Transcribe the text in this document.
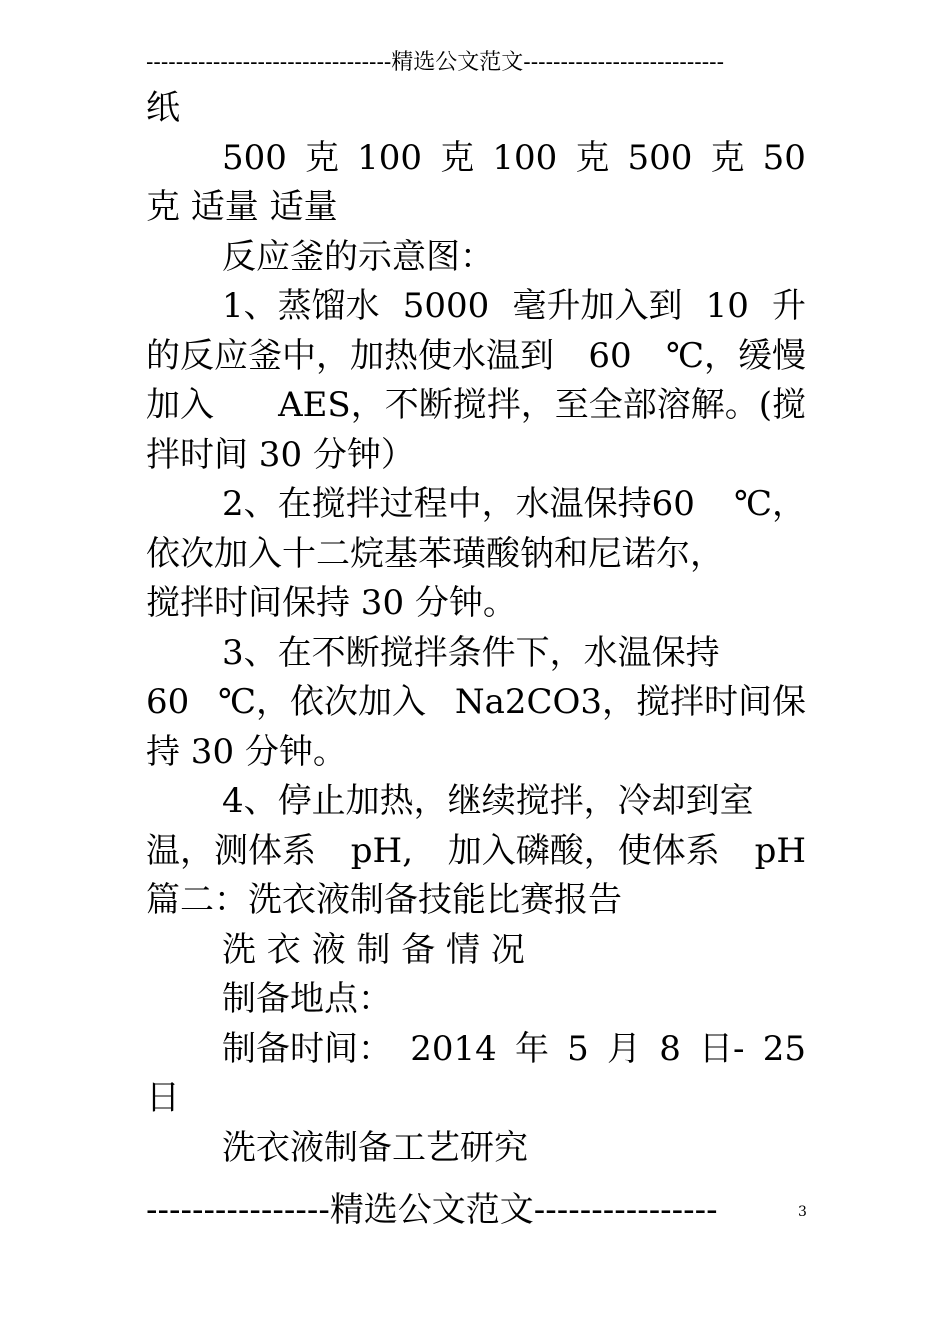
---------------------------------精选公文范文---------------------------
纸
500 克 100 克 100 克 500 克 50
克 适量 适量
反应釜的示意图：
1、蒸馏水 5000 毫升加入到 10 升
的反应釜中，加热使水温到 60 ℃，缓慢
加入 AES，不断搅拌，至全部溶解。(搅
拌时间 30 分钟）
2、在搅拌过程中，水温保持60 ℃，
依次加入十二烷基苯璜酸钠和尼诺尔，
搅拌时间保持 30 分钟。
3、在不断搅拌条件下，水温保持
60 ℃，依次加入 Na2CO3，搅拌时间保
持 30 分钟。
4、停止加热，继续搅拌，冷却到室
温，测体系 pH, 加入磷酸，使体系 pH
篇二：洗衣液制备技能比赛报告
洗 衣 液 制 备 情 况
制备地点：
制备时间： 2014 年 5 月 8 日- 25
日
洗衣液制备工艺研究
----------------精选公文范文----------------	3
